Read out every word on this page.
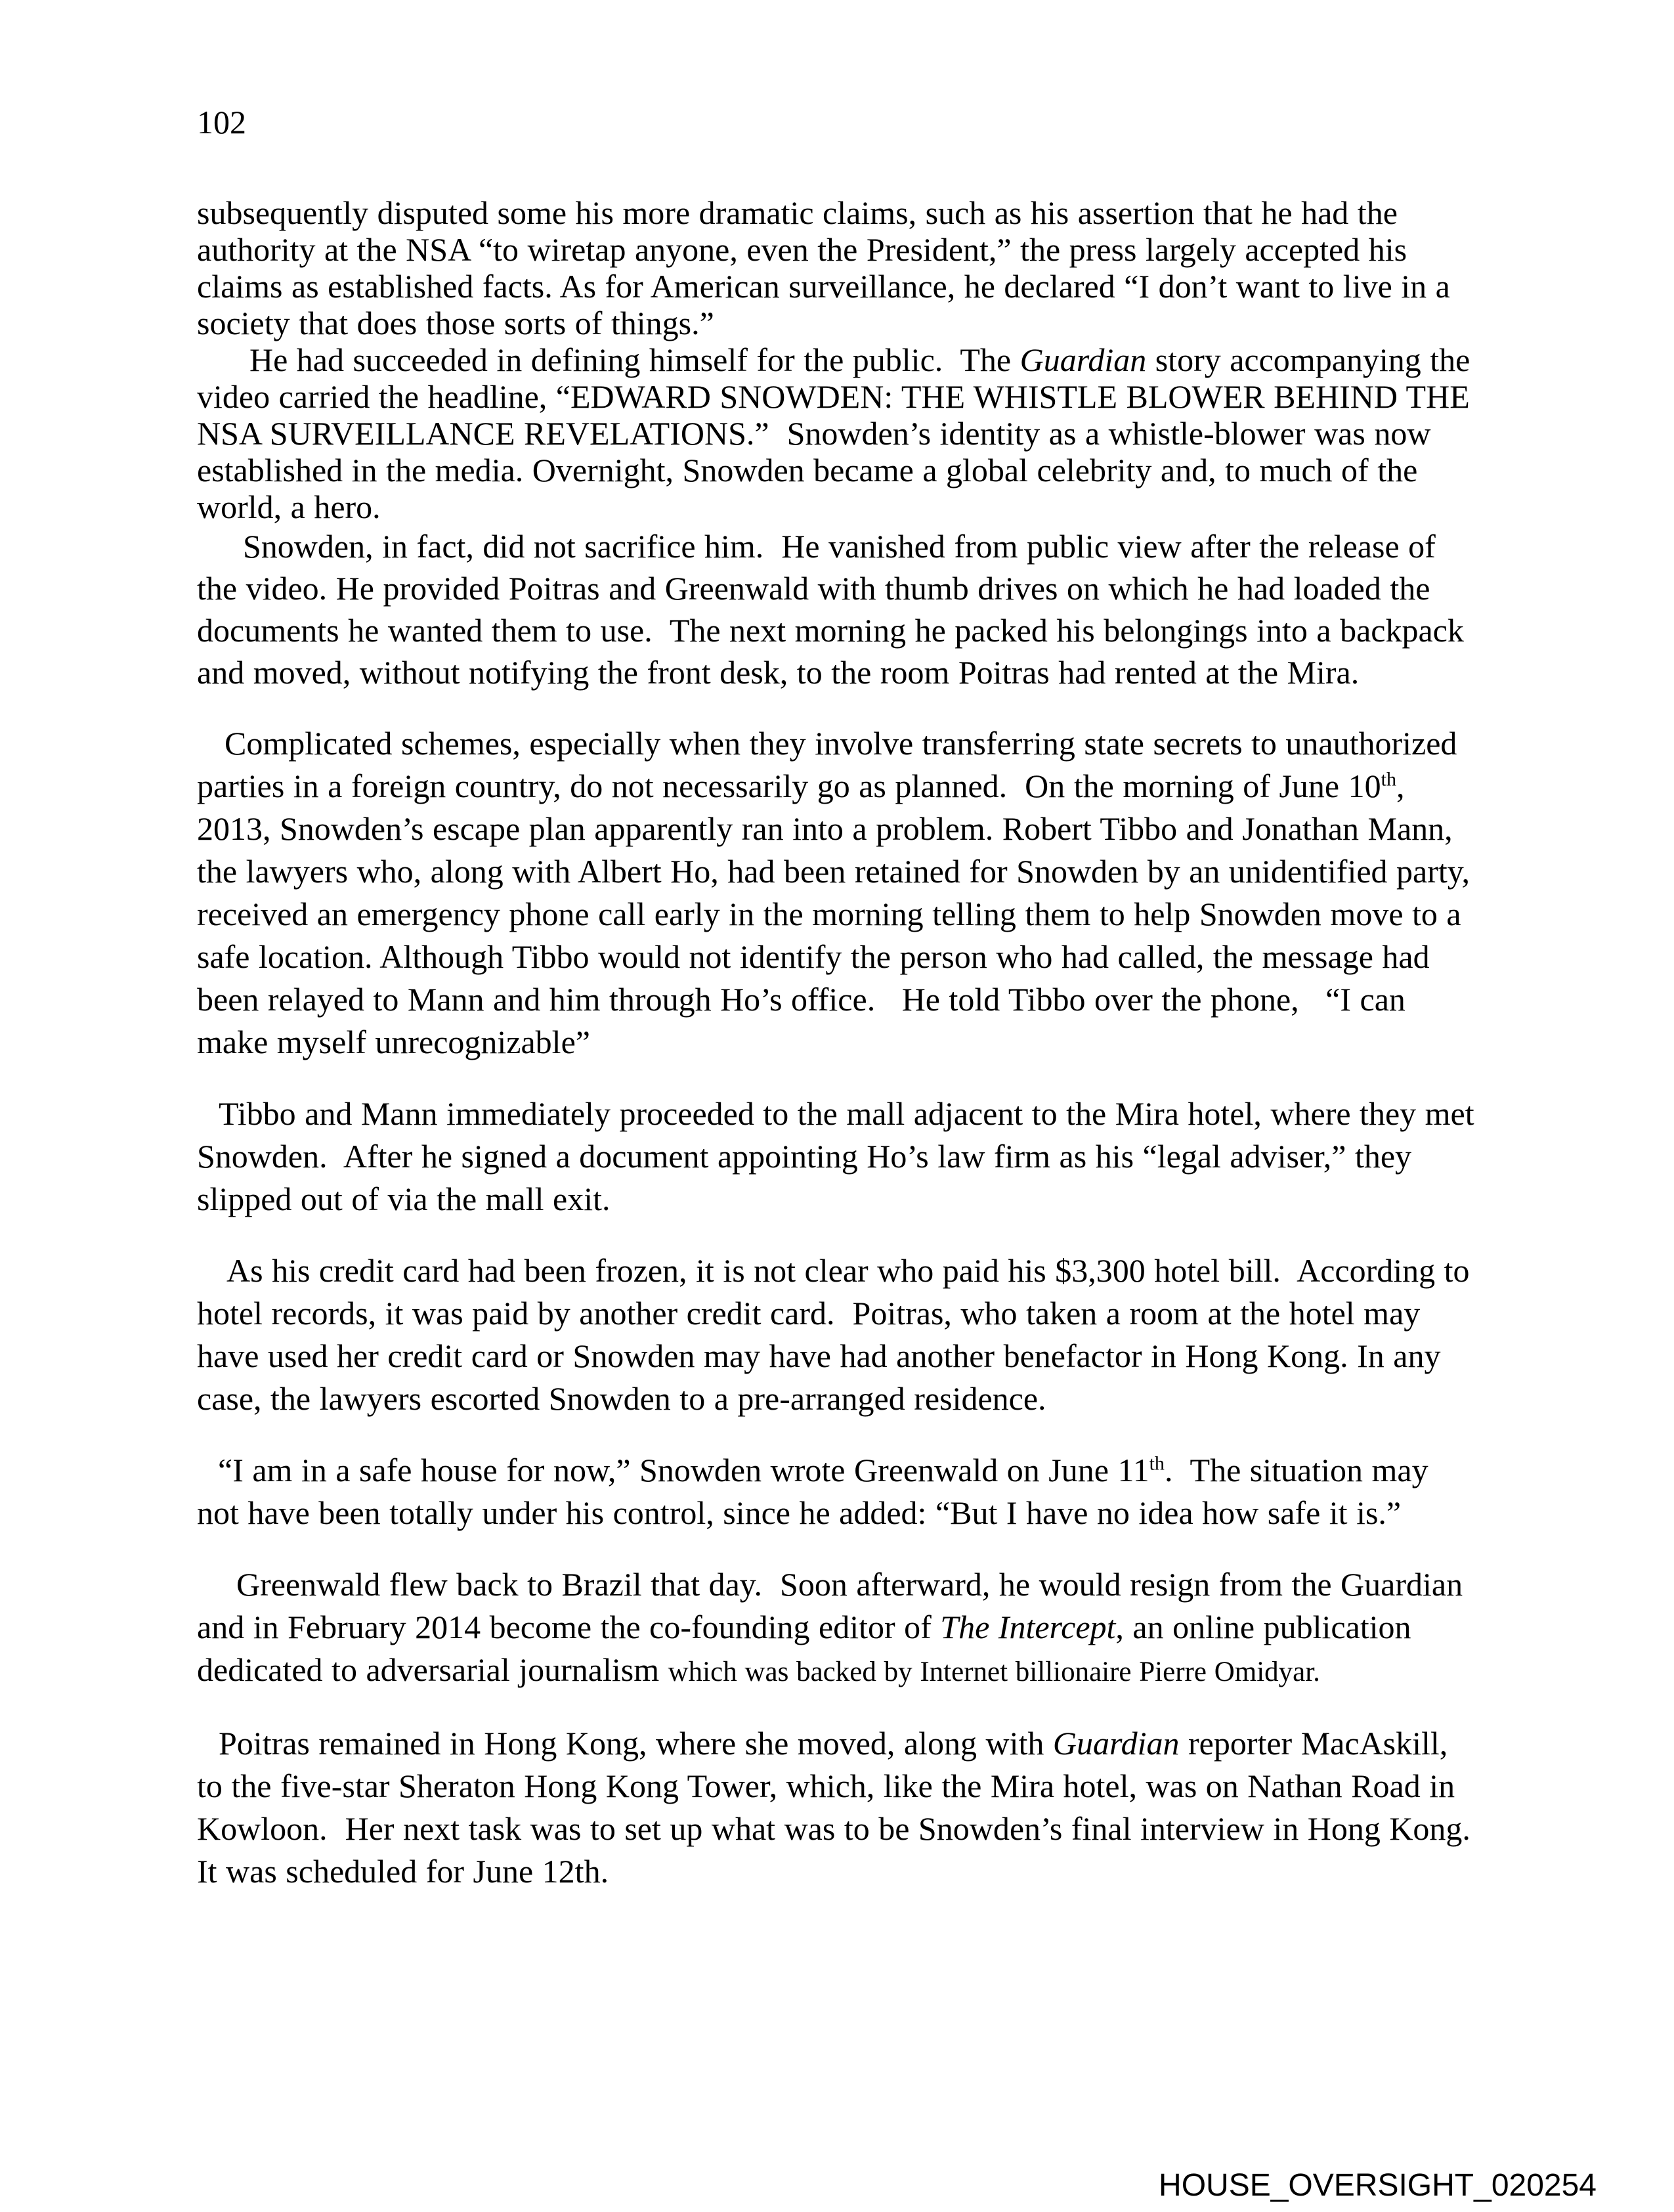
102

subsequently disputed some his more dramatic claims, such as his assertion that he had the authority at the NSA “to wiretap anyone, even the President,” the press largely accepted his claims as established facts. As for American surveillance, he declared “I don’t want to live in a society that does those sorts of things.”

He had succeeded in defining himself for the public.  The Guardian story accompanying the video carried the headline, “EDWARD SNOWDEN: THE WHISTLE BLOWER BEHIND THE NSA SURVEILLANCE REVELATIONS.”  Snowden’s identity as a whistle-blower was now established in the media. Overnight, Snowden became a global celebrity and, to much of the world, a hero.

Snowden, in fact, did not sacrifice him.  He vanished from public view after the release of the video. He provided Poitras and Greenwald with thumb drives on which he had loaded the documents he wanted them to use.  The next morning he packed his belongings into a backpack and moved, without notifying the front desk, to the room Poitras had rented at the Mira.

Complicated schemes, especially when they involve transferring state secrets to unauthorized parties in a foreign country, do not necessarily go as planned.  On the morning of June 10th, 2013, Snowden’s escape plan apparently ran into a problem. Robert Tibbo and Jonathan Mann, the lawyers who, along with Albert Ho, had been retained for Snowden by an unidentified party, received an emergency phone call early in the morning telling them to help Snowden move to a safe location. Although Tibbo would not identify the person who had called, the message had been relayed to Mann and him through Ho’s office.   He told Tibbo over the phone,   “I can make myself unrecognizable”

Tibbo and Mann immediately proceeded to the mall adjacent to the Mira hotel, where they met Snowden.  After he signed a document appointing Ho’s law firm as his “legal adviser,” they slipped out of via the mall exit.

As his credit card had been frozen, it is not clear who paid his $3,300 hotel bill.  According to hotel records, it was paid by another credit card.  Poitras, who taken a room at the hotel may have used her credit card or Snowden may have had another benefactor in Hong Kong. In any case, the lawyers escorted Snowden to a pre-arranged residence.

“I am in a safe house for now,” Snowden wrote Greenwald on June 11th.  The situation may not have been totally under his control, since he added: “But I have no idea how safe it is.”

Greenwald flew back to Brazil that day.  Soon afterward, he would resign from the Guardian and in February 2014 become the co-founding editor of The Intercept, an online publication dedicated to adversarial journalism which was backed by Internet billionaire Pierre Omidyar.

Poitras remained in Hong Kong, where she moved, along with Guardian reporter MacAskill, to the five-star Sheraton Hong Kong Tower, which, like the Mira hotel, was on Nathan Road in Kowloon.  Her next task was to set up what was to be Snowden’s final interview in Hong Kong. It was scheduled for June 12th.

HOUSE_OVERSIGHT_020254
